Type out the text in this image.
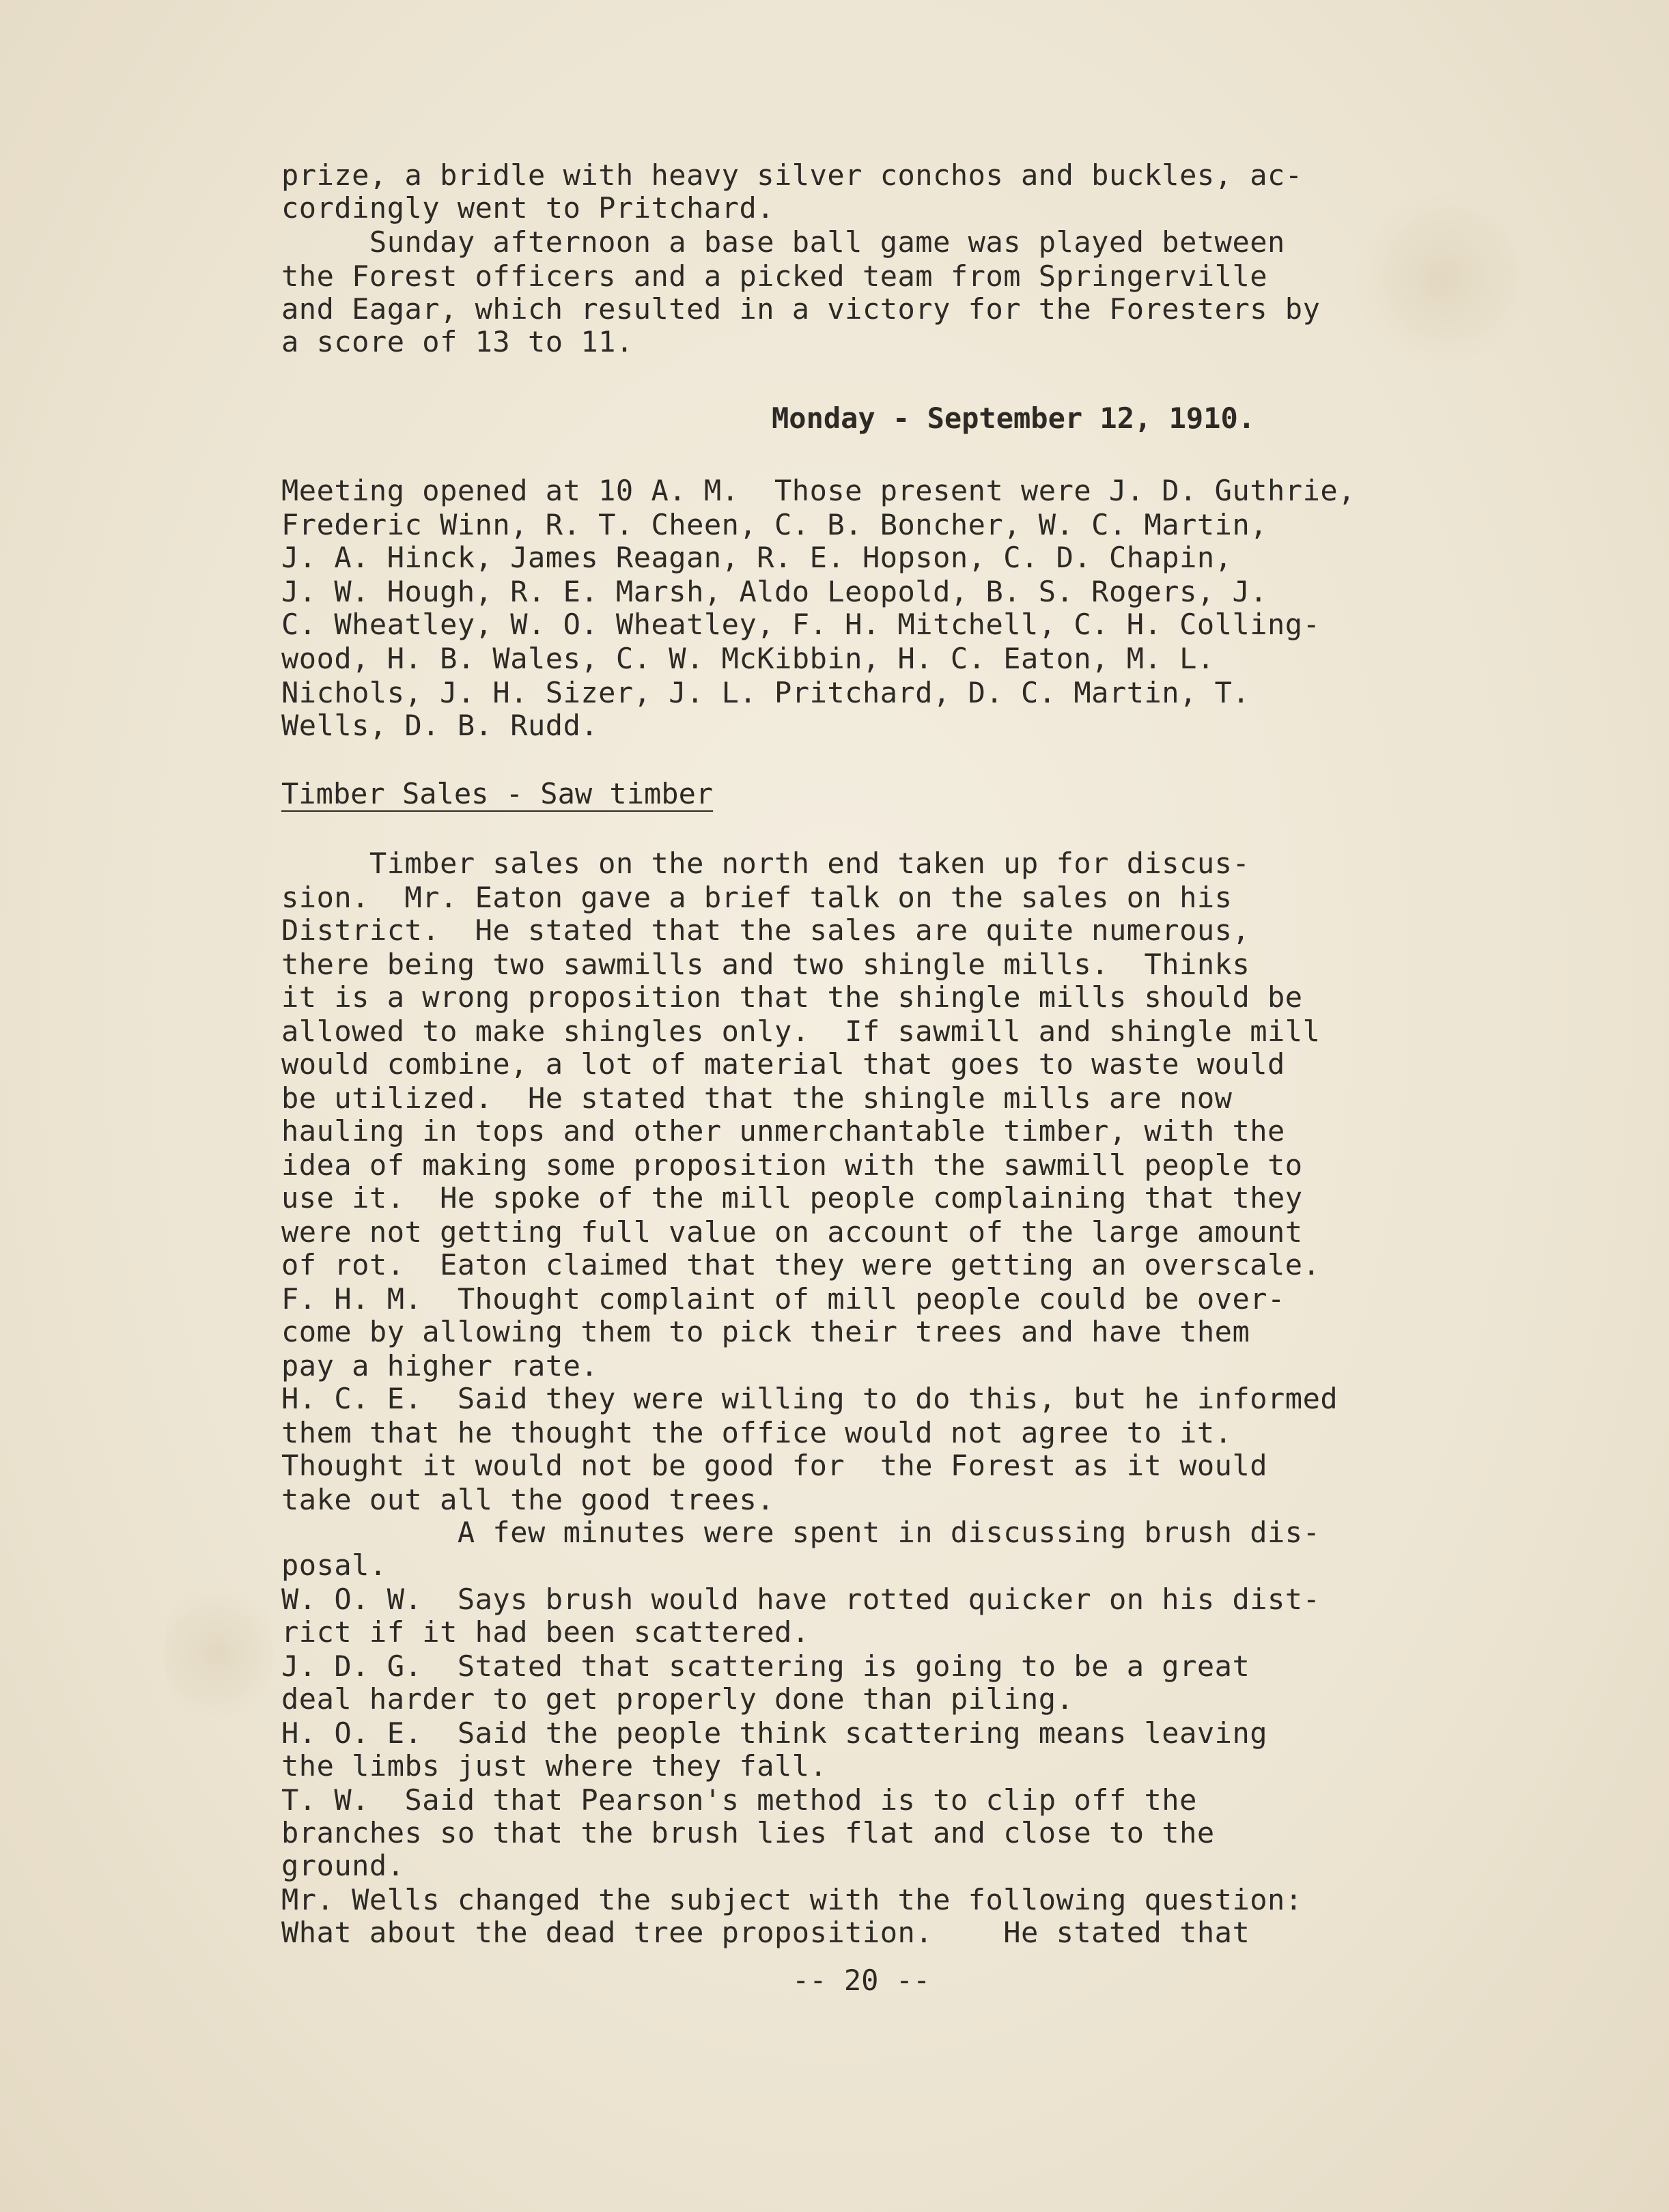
prize, a bridle with heavy silver conchos and buckles, ac-

cordingly went to Pritchard.

Sunday afternoon a base ball game was played between

the Forest officers and a picked team from Springerville

and Eagar, which resulted in a victory for the Foresters by

a score of 13 to 11.

Monday - September 12, 1910.

Meeting opened at 10 A. M.  Those present were J. D. Guthrie,

Frederic Winn, R. T. Cheen, C. B. Boncher, W. C. Martin,

J. A. Hinck, James Reagan, R. E. Hopson, C. D. Chapin,

J. W. Hough, R. E. Marsh, Aldo Leopold, B. S. Rogers, J.

C. Wheatley, W. O. Wheatley, F. H. Mitchell, C. H. Colling-

wood, H. B. Wales, C. W. McKibbin, H. C. Eaton, M. L.

Nichols, J. H. Sizer, J. L. Pritchard, D. C. Martin, T.

Wells, D. B. Rudd.

Timber Sales - Saw timber

Timber sales on the north end taken up for discus-

sion.  Mr. Eaton gave a brief talk on the sales on his

District.  He stated that the sales are quite numerous,

there being two sawmills and two shingle mills.  Thinks

it is a wrong proposition that the shingle mills should be

allowed to make shingles only.  If sawmill and shingle mill

would combine, a lot of material that goes to waste would

be utilized.  He stated that the shingle mills are now

hauling in tops and other unmerchantable timber, with the

idea of making some proposition with the sawmill people to

use it.  He spoke of the mill people complaining that they

were not getting full value on account of the large amount

of rot.  Eaton claimed that they were getting an overscale.

F. H. M.  Thought complaint of mill people could be over-

come by allowing them to pick their trees and have them

pay a higher rate.

H. C. E.  Said they were willing to do this, but he informed

them that he thought the office would not agree to it.

Thought it would not be good for  the Forest as it would

take out all the good trees.

A few minutes were spent in discussing brush dis-

posal.

W. O. W.  Says brush would have rotted quicker on his dist-

rict if it had been scattered.

J. D. G.  Stated that scattering is going to be a great

deal harder to get properly done than piling.

H. O. E.  Said the people think scattering means leaving

the limbs just where they fall.

T. W.  Said that Pearson's method is to clip off the

branches so that the brush lies flat and close to the

ground.

Mr. Wells changed the subject with the following question:

What about the dead tree proposition.    He stated that

-- 20 --
